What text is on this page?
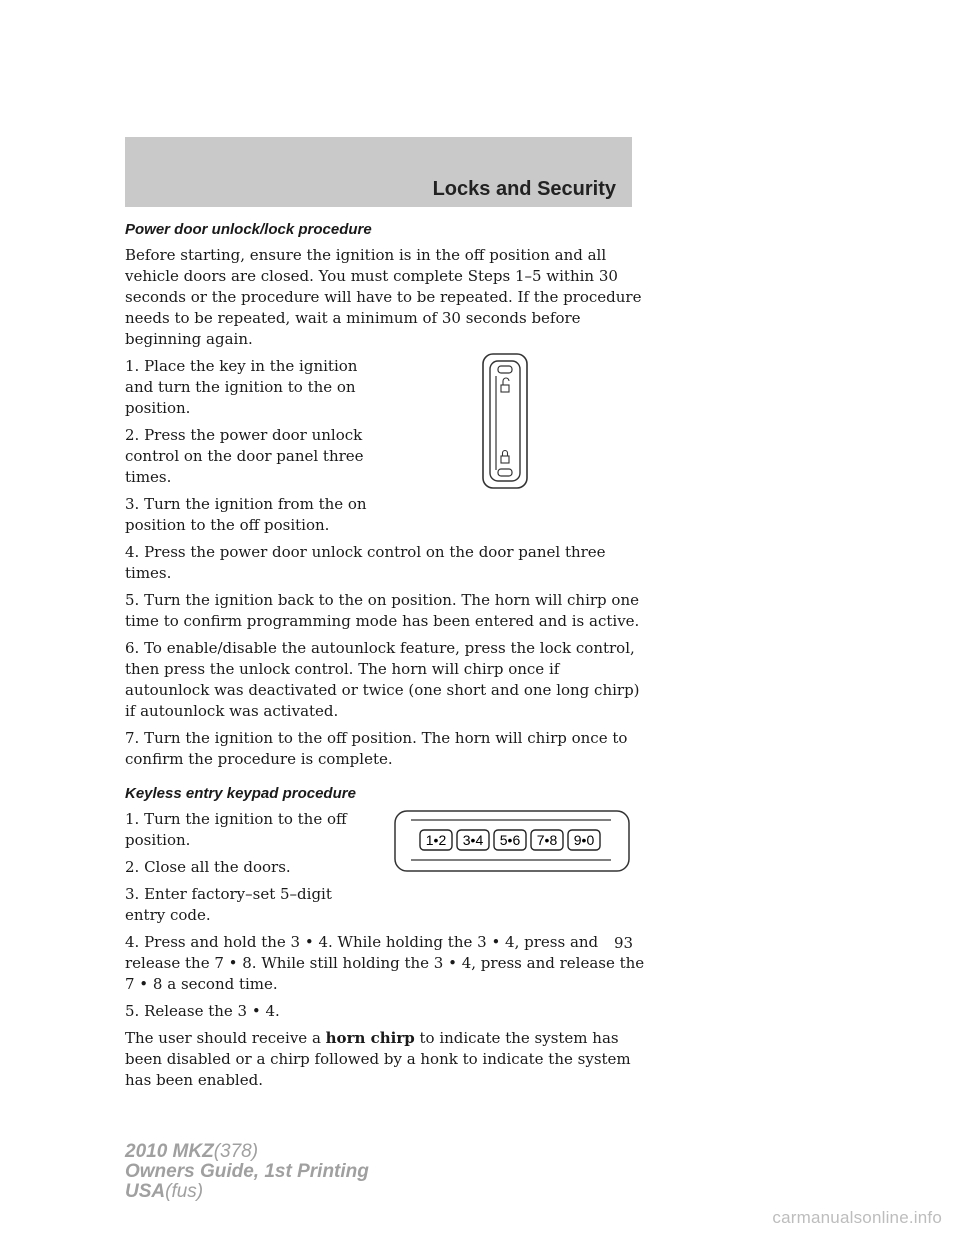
Locks and Security
Power door unlock/lock procedure

Before starting, ensure the ignition is in the off position and all vehicle doors are closed. You must complete Steps 1–5 within 30 seconds or the procedure will have to be repeated. If the procedure needs to be repeated, wait a minimum of 30 seconds before beginning again.

1. Place the key in the ignition and turn the ignition to the on position.

2. Press the power door unlock control on the door panel three times.

3. Turn the ignition from the on position to the off position.

4. Press the power door unlock control on the door panel three times.

5. Turn the ignition back to the on position. The horn will chirp one time to confirm programming mode has been entered and is active.

6. To enable/disable the autounlock feature, press the lock control, then press the unlock control. The horn will chirp once if autounlock was deactivated or twice (one short and one long chirp) if autounlock was activated.

7. Turn the ignition to the off position. The horn will chirp once to confirm the procedure is complete.

Keyless entry keypad procedure

1. Turn the ignition to the off position.

2. Close all the doors.

3. Enter factory–set 5–digit entry code.

1•2 3•4 5•6 7•8 9•0

4. Press and hold the 3 • 4. While holding the 3 • 4, press and release the 7 • 8. While still holding the 3 • 4, press and release the 7 • 8 a second time.

5. Release the 3 • 4.

The user should receive a horn chirp to indicate the system has been disabled or a chirp followed by a honk to indicate the system has been enabled.

93
2010 MKZ(378)
Owners Guide, 1st Printing
USA(fus)
carmanualsonline.info
